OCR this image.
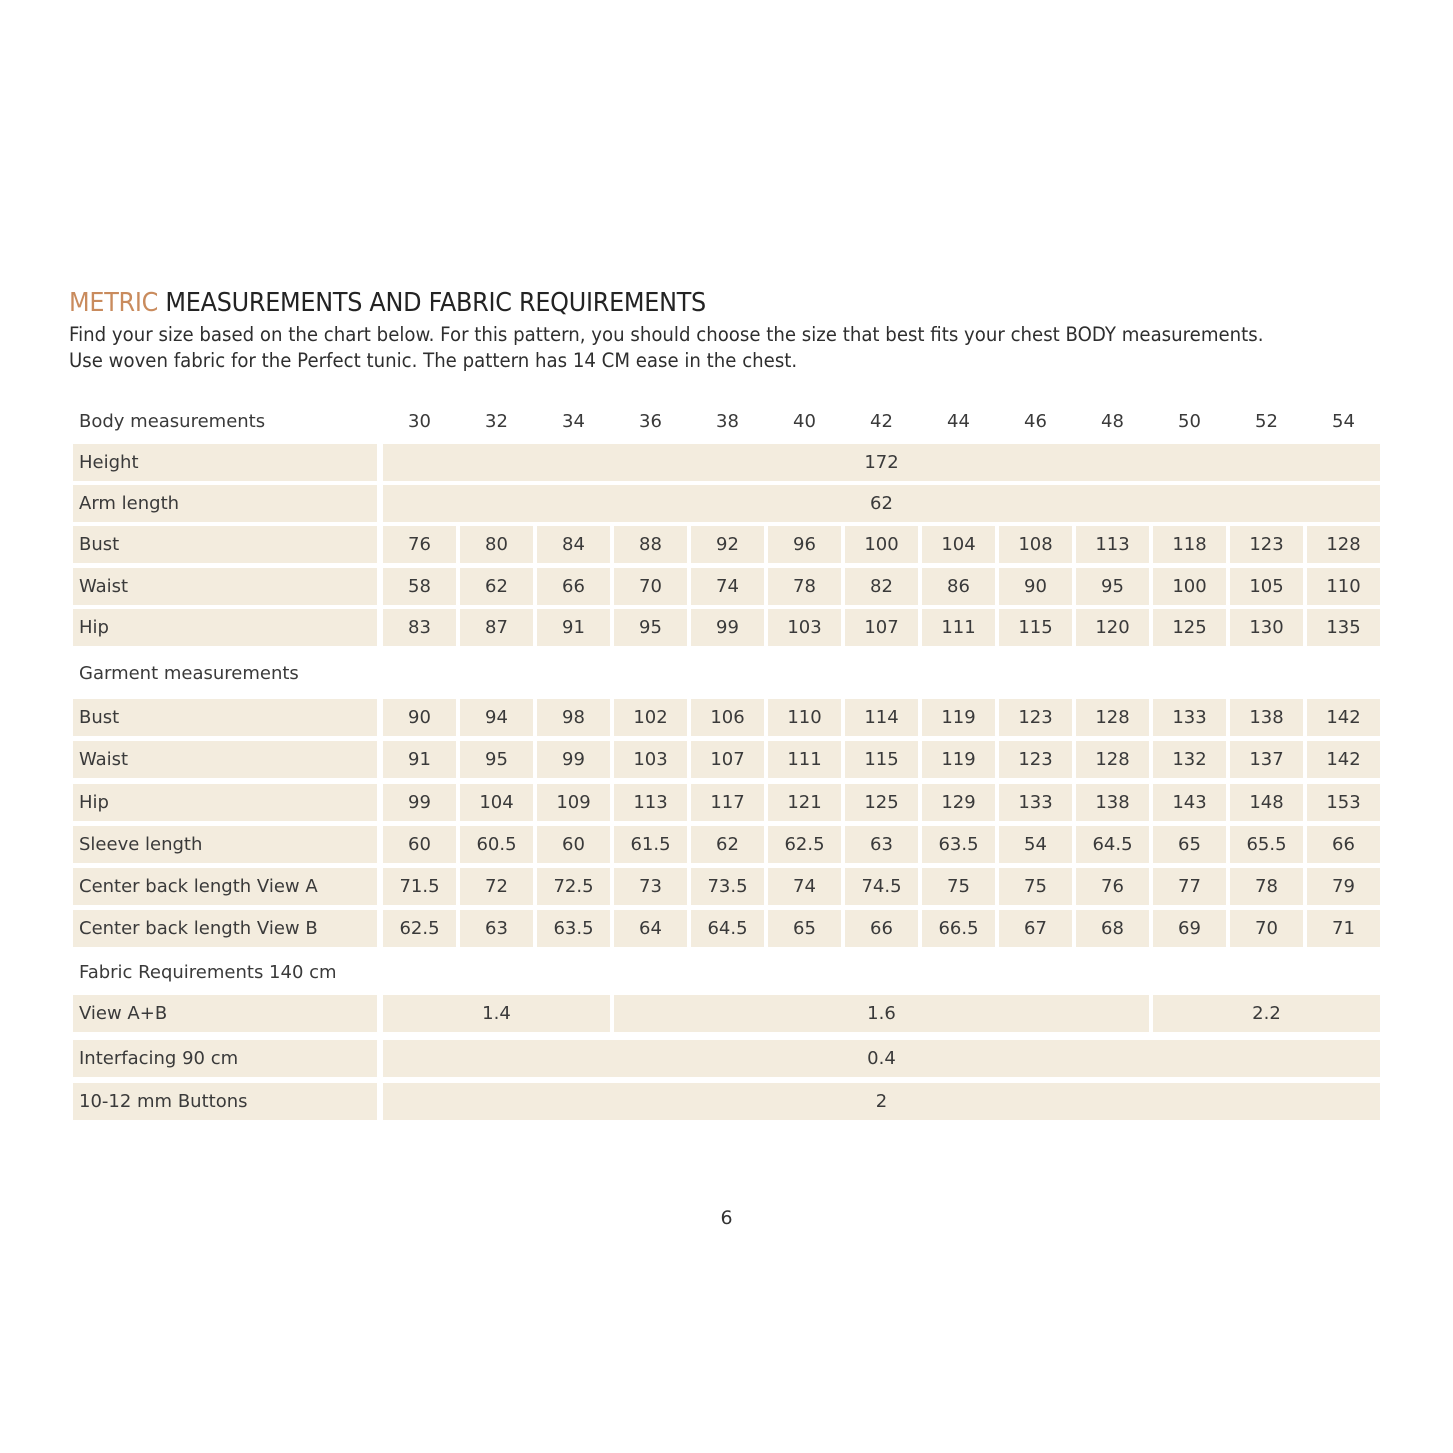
METRIC MEASUREMENTS AND FABRIC REQUIREMENTS

Find your size based on the chart below. For this pattern, you should choose the size that best fits your chest BODY measurements.

Use woven fabric for the Perfect tunic. The pattern has 14 CM ease in the chest.

Body measurements	30	32	34	36	38	40	42	44	46	48	50	52	54
Height	172
Arm length	62
Bust	76	80	84	88	92	96	100	104	108	113	118	123	128
Waist	58	62	66	70	74	78	82	86	90	95	100	105	110
Hip	83	87	91	95	99	103	107	111	115	120	125	130	135
Garment measurements
Bust	90	94	98	102	106	110	114	119	123	128	133	138	142
Waist	91	95	99	103	107	111	115	119	123	128	132	137	142
Hip	99	104	109	113	117	121	125	129	133	138	143	148	153
Sleeve length	60	60.5	60	61.5	62	62.5	63	63.5	54	64.5	65	65.5	66
Center back length View A	71.5	72	72.5	73	73.5	74	74.5	75	75	76	77	78	79
Center back length View B	62.5	63	63.5	64	64.5	65	66	66.5	67	68	69	70	71
Fabric Requirements 140 cm
View A+B	1.4	1.6	2.2
Interfacing 90 cm	0.4
10-12 mm Buttons	2
6
